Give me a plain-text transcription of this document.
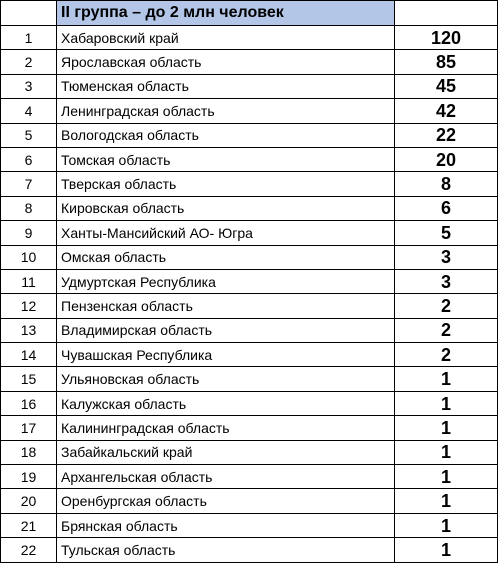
	II группа – до 2 млн человек	
1	Хабаровский край	120
2	Ярославская область	85
3	Тюменская область	45
4	Ленинградская область	42
5	Вологодская область	22
6	Томская область	20
7	Тверская область	8
8	Кировская область	6
9	Ханты-Мансийский АО- Югра	5
10	Омская область	3
11	Удмуртская Республика	3
12	Пензенская область	2
13	Владимирская область	2
14	Чувашская Республика	2
15	Ульяновская область	1
16	Калужская область	1
17	Калининградская область	1
18	Забайкальский край	1
19	Архангельская область	1
20	Оренбургская область	1
21	Брянская область	1
22	Тульская область	1
